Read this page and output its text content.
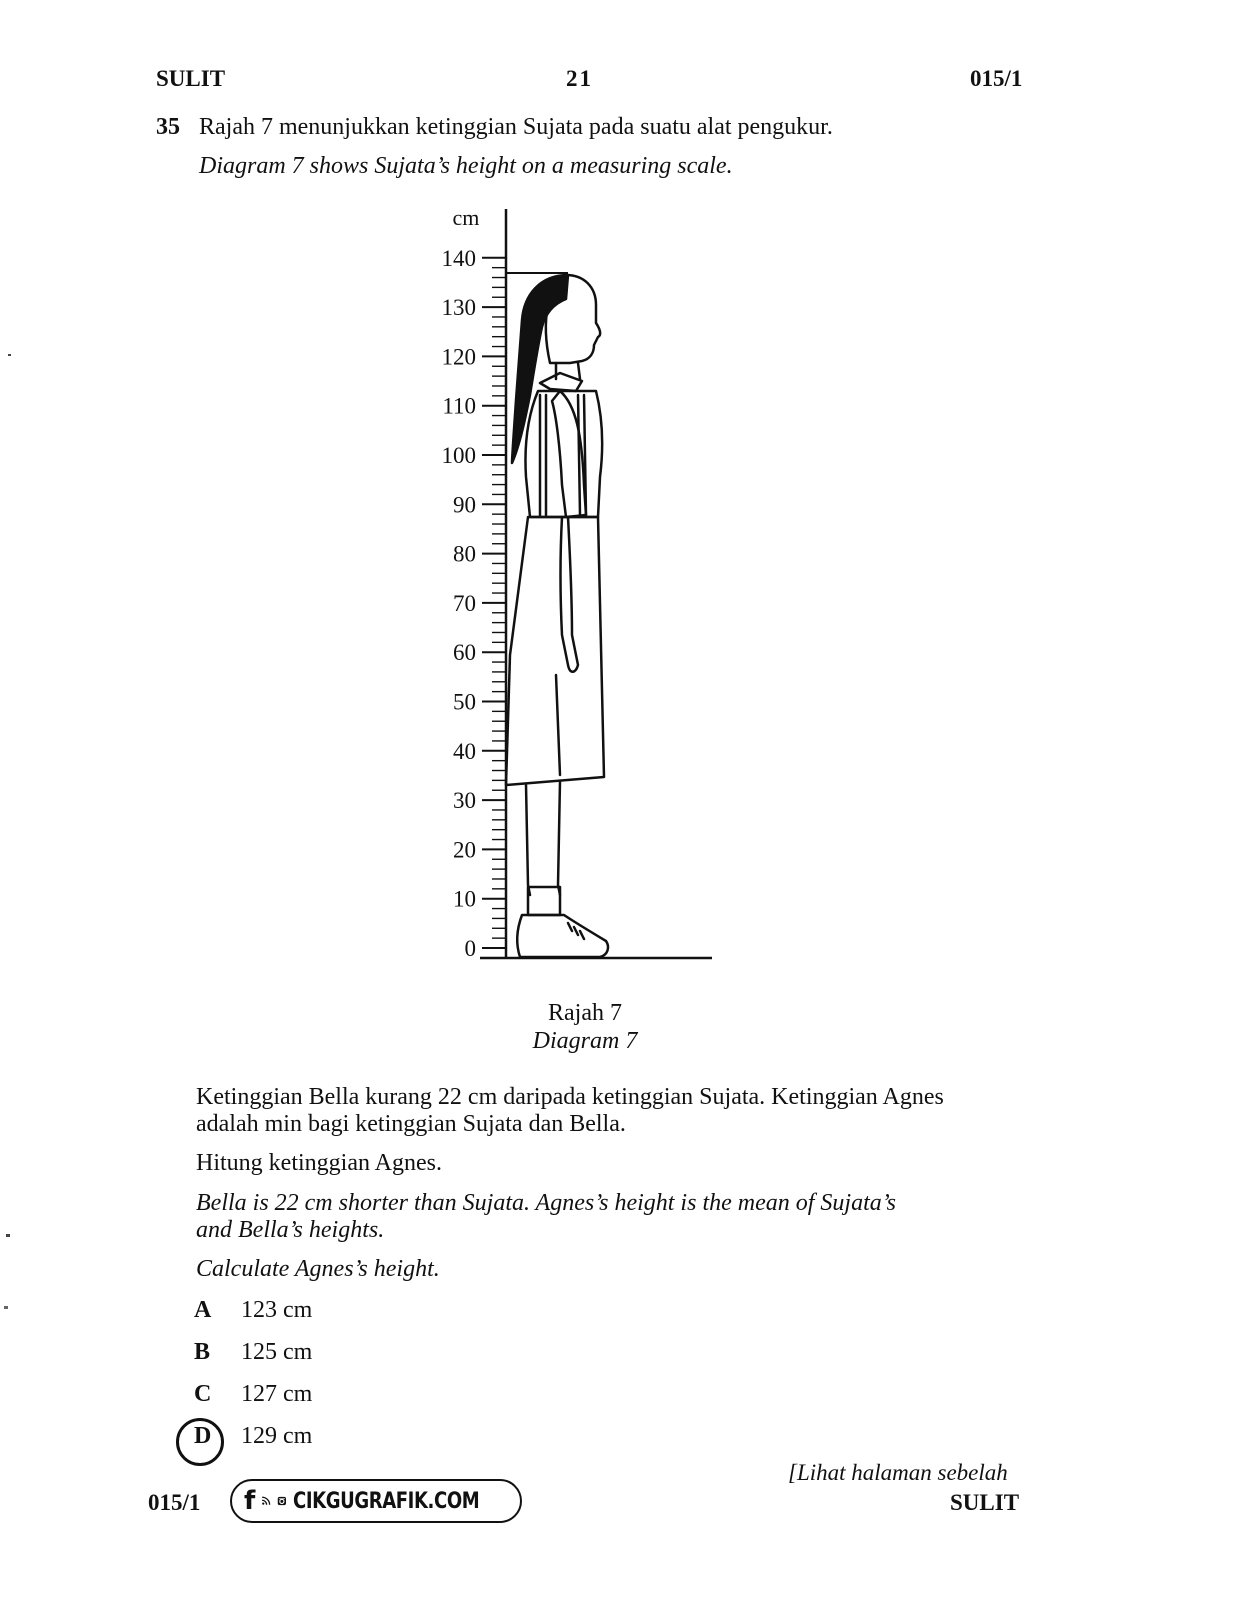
SULIT	21	015/1
35 Rajah 7 menunjukkan ketinggian Sujata pada suatu alat pengukur.
Diagram 7 shows Sujata’s height on a measuring scale.
cm
140
130
120
110
100
90
80
70
60
50
40
30
20
10
0
Rajah 7
Diagram 7
Ketinggian Bella kurang 22 cm daripada ketinggian Sujata. Ketinggian Agnes
adalah min bagi ketinggian Sujata dan Bella.
Hitung ketinggian Agnes.
Bella is 22 cm shorter than Sujata. Agnes’s height is the mean of Sujata’s
and Bella’s heights.
Calculate Agnes’s height.
A 123 cm
B 125 cm
C 127 cm
D 129 cm
015/1 f CIKGUGRAFIK.COM
[Lihat halaman sebelah
SULIT
